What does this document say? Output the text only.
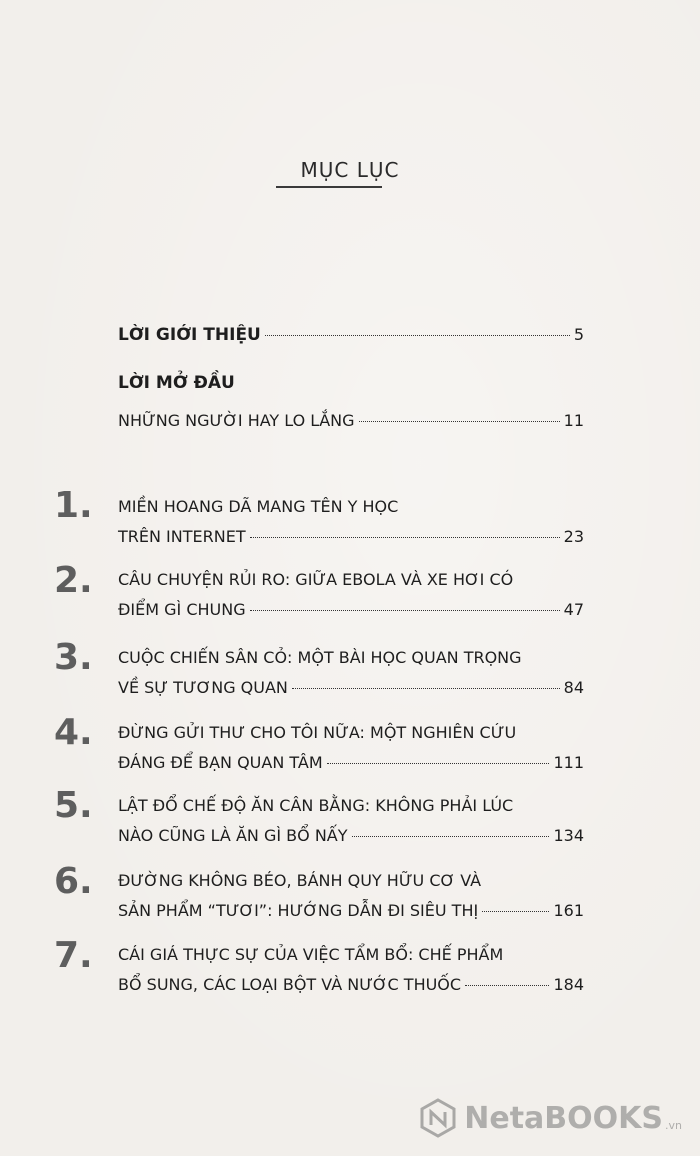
MỤC LỤC
LỜI GIỚI THIỆU	5
LỜI MỞ ĐẦU
NHỮNG NGƯỜI HAY LO LẮNG	11
1. MIỀN HOANG DÃ MANG TÊN Y HỌC
TRÊN INTERNET	23
2. CÂU CHUYỆN RỦI RO: GIỮA EBOLA VÀ XE HƠI CÓ
ĐIỂM GÌ CHUNG	47
3. CUỘC CHIẾN SÂN CỎ: MỘT BÀI HỌC QUAN TRỌNG
VỀ SỰ TƯƠNG QUAN	84
4. ĐỪNG GỬI THƯ CHO TÔI NỮA: MỘT NGHIÊN CỨU
ĐÁNG ĐỂ BẠN QUAN TÂM	111
5. LẬT ĐỔ CHẾ ĐỘ ĂN CÂN BẰNG: KHÔNG PHẢI LÚC
NÀO CŨNG LÀ ĂN GÌ BỔ NẤY	134
6. ĐƯỜNG KHÔNG BÉO, BÁNH QUY HỮU CƠ VÀ
SẢN PHẨM “TƯƠI”: HƯỚNG DẪN ĐI SIÊU THỊ	161
7. CÁI GIÁ THỰC SỰ CỦA VIỆC TẨM BỔ: CHẾ PHẨM
BỔ SUNG, CÁC LOẠI BỘT VÀ NƯỚC THUỐC	184
NetaBOOKS .vn
